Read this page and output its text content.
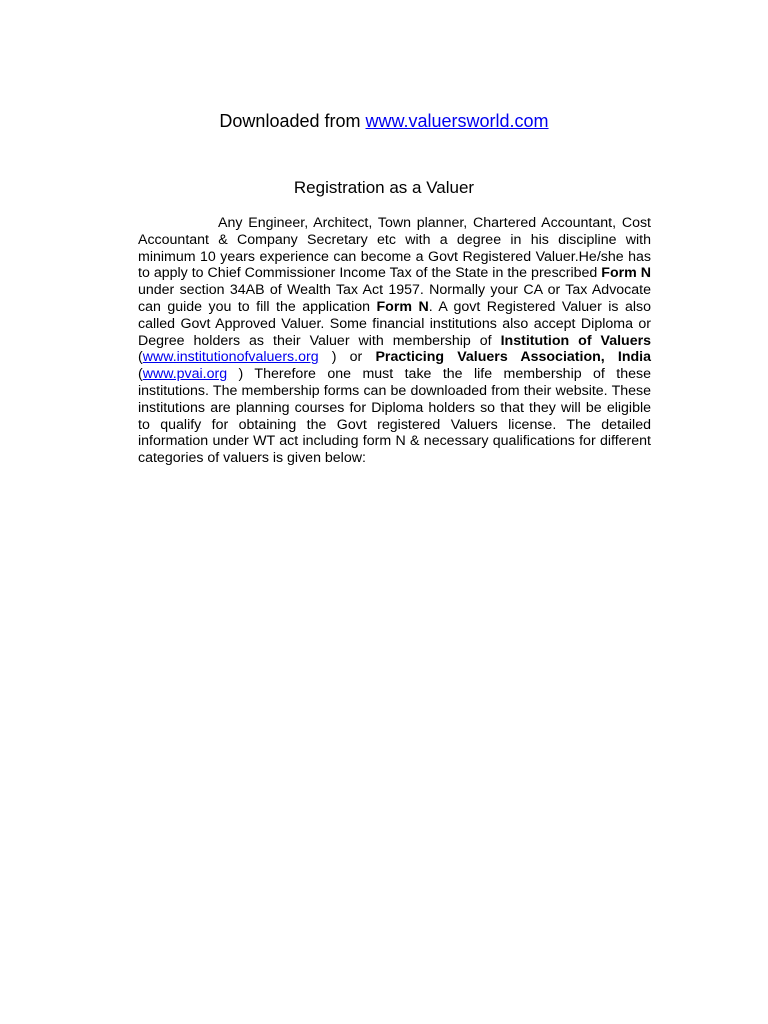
Downloaded from www.valuersworld.com
Registration as a Valuer

Any Engineer, Architect, Town planner, Chartered Accountant, Cost Accountant & Company Secretary etc with a degree in his discipline with minimum 10 years experience can become a Govt Registered Valuer.He/she has to apply to Chief Commissioner Income Tax of the State in the prescribed Form N under section 34AB of Wealth Tax Act 1957. Normally your CA or Tax Advocate can guide you to fill the application Form N. A govt Registered Valuer is also called Govt Approved Valuer. Some financial institutions also accept Diploma or Degree holders as their Valuer with membership of Institution of Valuers (www.institutionofvaluers.org ) or Practicing Valuers Association, India (www.pvai.org ) Therefore one must take the life membership of these institutions. The membership forms can be downloaded from their website. These institutions are planning courses for Diploma holders so that they will be eligible to qualify for obtaining the Govt registered Valuers license. The detailed information under WT act including form N & necessary qualifications for different categories of valuers is given below:
